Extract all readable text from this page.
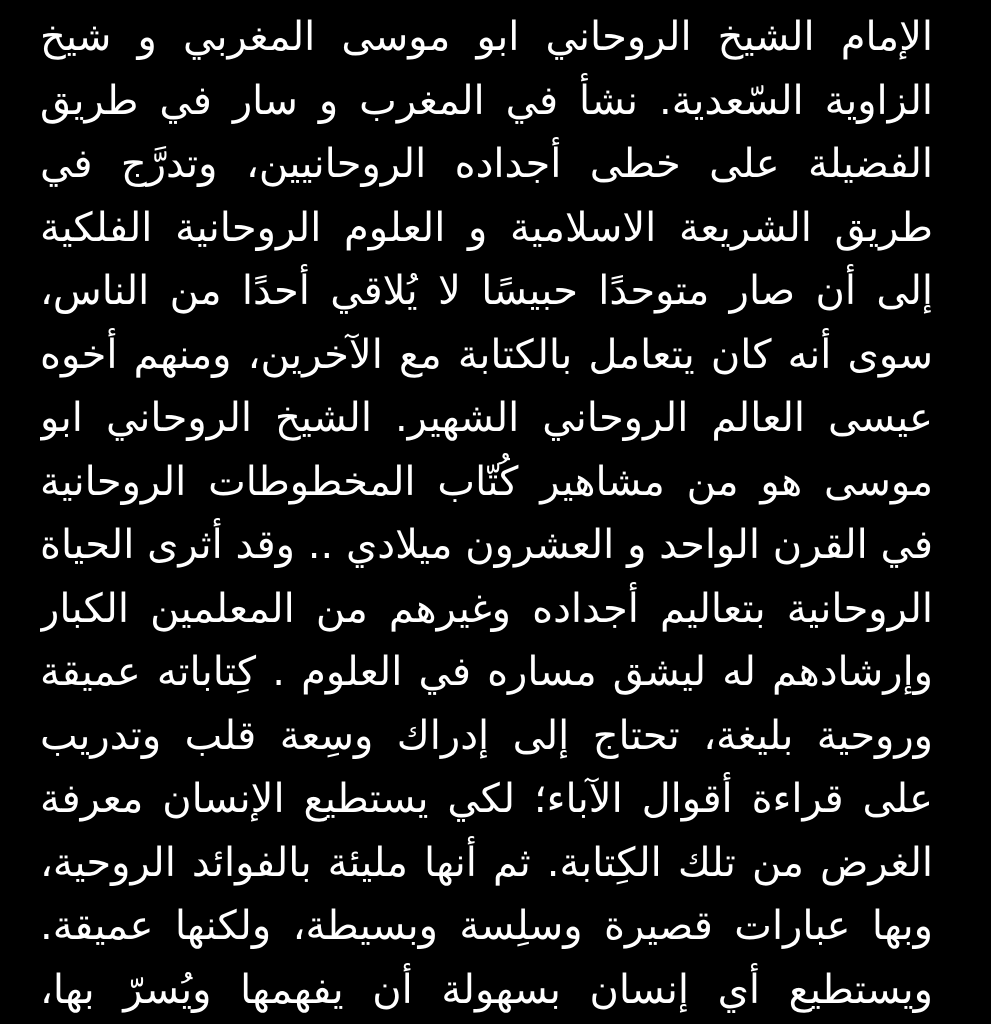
الإمام الشيخ الروحاني ابو موسى المغربي و شيخ
الزاوية السّعدية. نشأ في المغرب و سار في طريق
الفضيلة على خطى أجداده الروحانيين، وتدرَّج في
طريق الشريعة الاسلامية و العلوم الروحانية الفلكية
إلى أن صار متوحدًا حبيسًا لا يُلاقي أحدًا من الناس،
سوى أنه كان يتعامل بالكتابة مع الآخرين، ومنهم أخوه
عيسى العالم الروحاني الشهير. الشيخ الروحاني ابو
موسى هو من مشاهير كُتّاب المخطوطات الروحانية
في القرن الواحد و العشرون ميلادي .. وقد أثرى الحياة
الروحانية بتعاليم أجداده وغيرهم من المعلمين الكبار
وإرشادهم له ليشق مساره في العلوم . كِتاباته عميقة
وروحية بليغة، تحتاج إلى إدراك وسِعة قلب وتدريب
على قراءة أقوال الآباء؛ لكي يستطيع الإنسان معرفة
الغرض من تلك الكِتابة. ثم أنها مليئة بالفوائد الروحية،
وبها عبارات قصيرة وسلِسة وبسيطة، ولكنها عميقة.
ويستطيع أي إنسان بسهولة أن يفهمها ويُسرّ بها،
